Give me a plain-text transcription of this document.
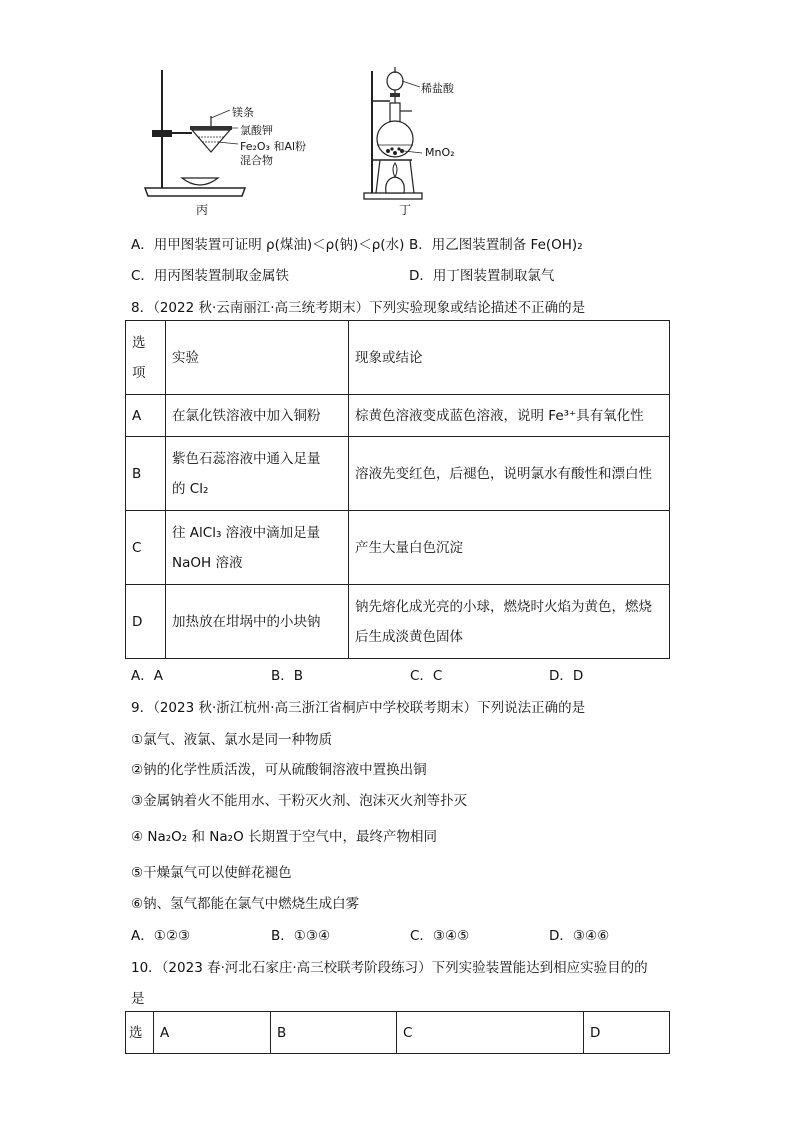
镁条
氯酸钾
Fe₂O₃ 和Al粉
混合物
丙
稀盐酸
MnO₂
丁
A．用甲图装置可证明 ρ(煤油)＜ρ(钠)＜ρ(水) B．用乙图装置制备 Fe(OH)₂
C．用丙图装置制取金属铁	D．用丁图装置制取氯气
8．（2022 秋·云南丽江·高三统考期末）下列实验现象或结论描述不正确的是
选
项	实验	现象或结论
A	在氯化铁溶液中加入铜粉	棕黄色溶液变成蓝色溶液，说明 Fe³⁺具有氧化性
B	紫色石蕊溶液中通入足量
的 Cl₂	溶液先变红色，后褪色，说明氯水有酸性和漂白性
C	往 AlCl₃ 溶液中滴加足量
NaOH 溶液	产生大量白色沉淀
D	加热放在坩埚中的小块钠	钠先熔化成光亮的小球，燃烧时火焰为黄色，燃烧
后生成淡黄色固体
A．A	B．B	C．C	D．D
9．（2023 秋·浙江杭州·高三浙江省桐庐中学校联考期末）下列说法正确的是
①氯气、液氯、氯水是同一种物质
②钠的化学性质活泼，可从硫酸铜溶液中置换出铜
③金属钠着火不能用水、干粉灭火剂、泡沫灭火剂等扑灭
④ Na₂O₂ 和 Na₂O 长期置于空气中，最终产物相同
⑤干燥氯气可以使鲜花褪色
⑥钠、氢气都能在氯气中燃烧生成白雾
A．①②③	B．①③④	C．③④⑤	D．③④⑥
10．（2023 春·河北石家庄·高三校联考阶段练习）下列实验装置能达到相应实验目的的
是
选	A	B	C	D
